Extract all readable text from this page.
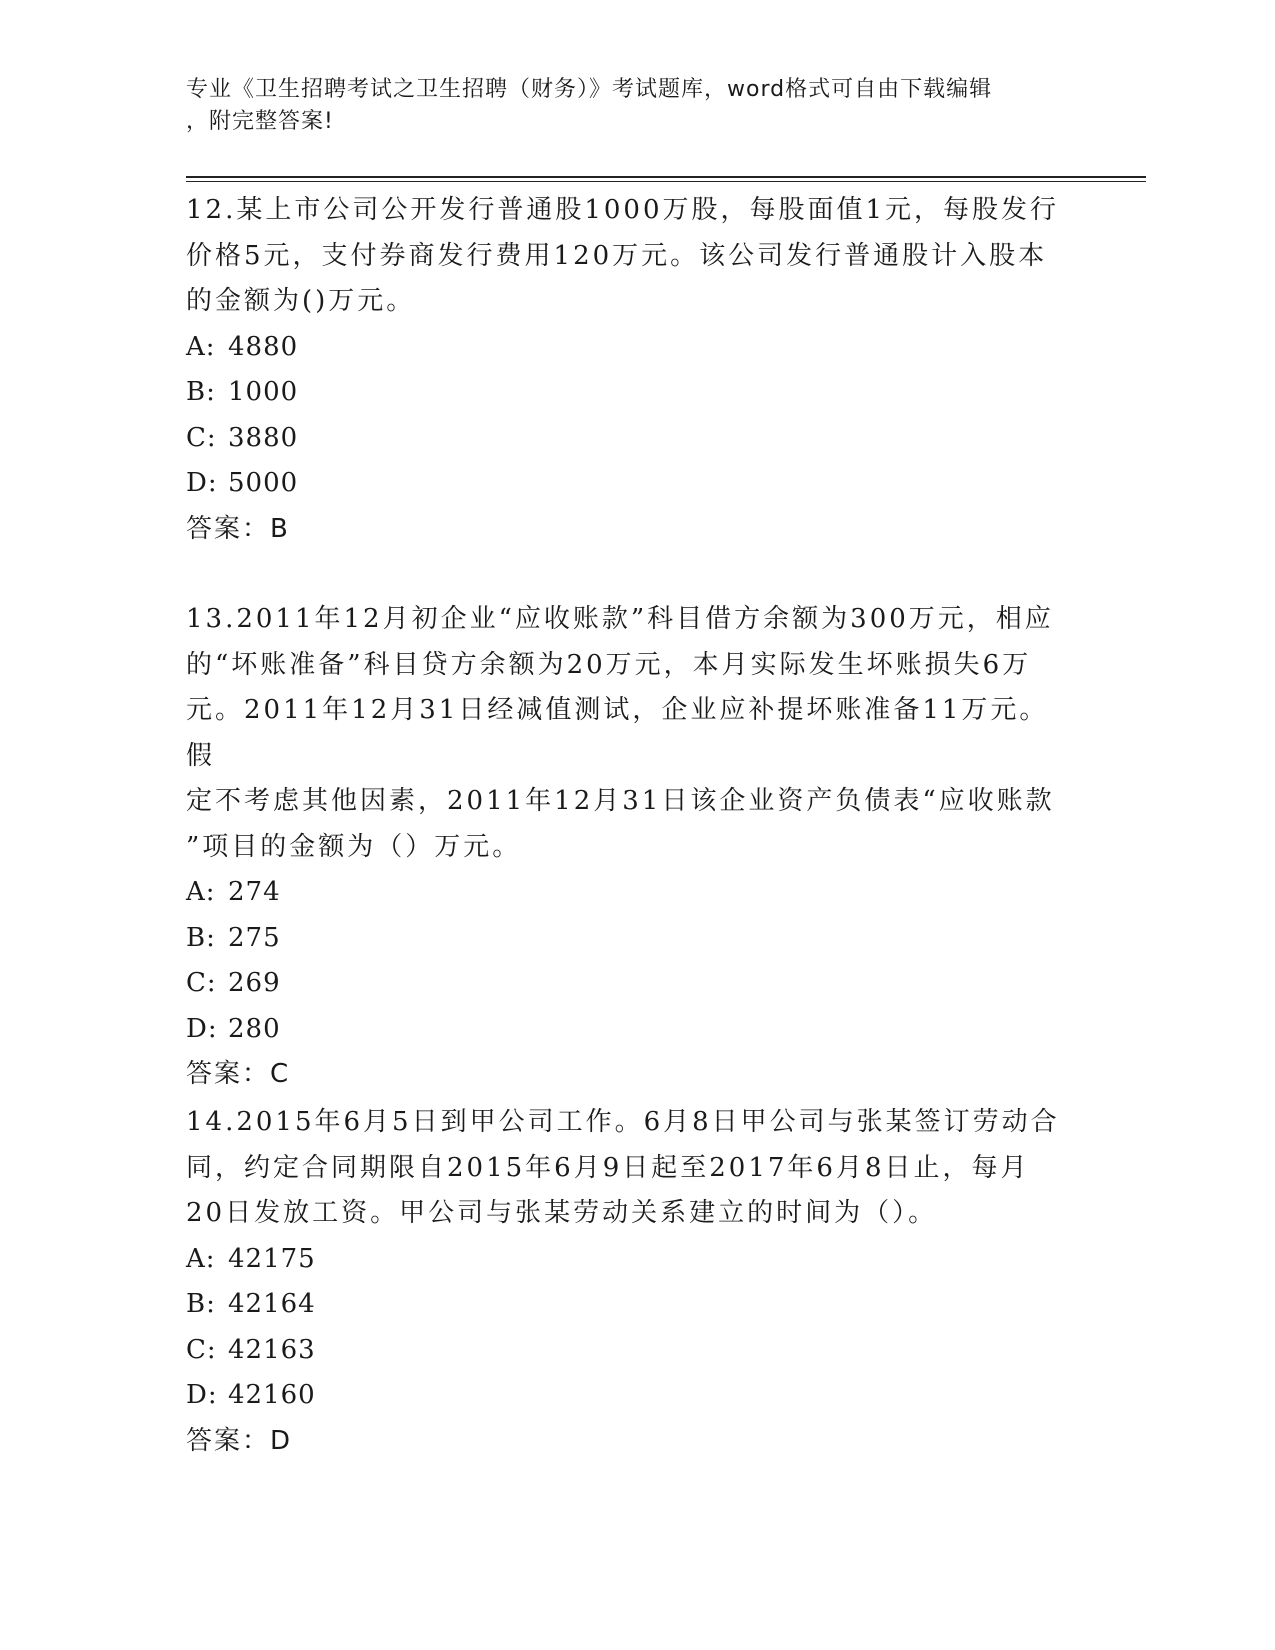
专业《卫生招聘考试之卫生招聘（财务）》考试题库，word格式可自由下载编辑
，附完整答案!

12.某上市公司公开发行普通股1000万股，每股面值1元，每股发行

价格5元，支付券商发行费用120万元。该公司发行普通股计入股本

的金额为()万元。

A: 4880

B: 1000

C: 3880

D: 5000

答案：B

13.2011年12月初企业“应收账款”科目借方余额为300万元，相应

的“坏账准备”科目贷方余额为20万元，本月实际发生坏账损失6万

元。2011年12月31日经减值测试，企业应补提坏账准备11万元。假

定不考虑其他因素，2011年12月31日该企业资产负债表“应收账款

”项目的金额为（）万元。

A: 274

B: 275

C: 269

D: 280

答案：C

14.2015年6月5日到甲公司工作。6月8日甲公司与张某签订劳动合

同，约定合同期限自2015年6月9日起至2017年6月8日止，每月

20日发放工资。甲公司与张某劳动关系建立的时间为（）。

A: 42175

B: 42164

C: 42163

D: 42160

答案：D
